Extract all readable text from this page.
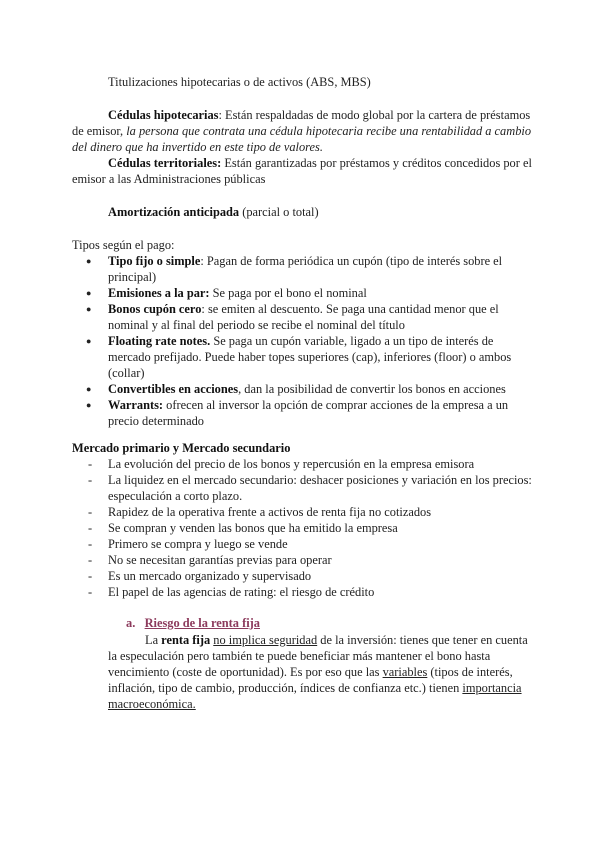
Titulizaciones hipotecarias o de activos (ABS, MBS)

Cédulas hipotecarias: Están respaldadas de modo global por la cartera de préstamos

de emisor, la persona que contrata una cédula hipotecaria recibe una rentabilidad a cambio

del dinero que ha invertido en este tipo de valores.

Cédulas territoriales: Están garantizadas por préstamos y créditos concedidos por el

emisor a las Administraciones públicas

Amortización anticipada (parcial o total)

Tipos según el pago:

● Tipo fijo o simple: Pagan de forma periódica un cupón (tipo de interés sobre el
principal)
● Emisiones a la par: Se paga por el bono el nominal
● Bonos cupón cero: se emiten al descuento. Se paga una cantidad menor que el
nominal y al final del periodo se recibe el nominal del título
● Floating rate notes. Se paga un cupón variable, ligado a un tipo de interés de
mercado prefijado. Puede haber topes superiores (cap), inferiores (floor) o ambos
(collar)
● Convertibles en acciones, dan la posibilidad de convertir los bonos en acciones
● Warrants: ofrecen al inversor la opción de comprar acciones de la empresa a un
precio determinado

Mercado primario y Mercado secundario

- La evolución del precio de los bonos y repercusión en la empresa emisora
- La liquidez en el mercado secundario: deshacer posiciones y variación en los precios:
especulación a corto plazo.
- Rapidez de la operativa frente a activos de renta fija no cotizados
- Se compran y venden las bonos que ha emitido la empresa
- Primero se compra y luego se vende
- No se necesitan garantías previas para operar
- Es un mercado organizado y supervisado
- El papel de las agencias de rating: el riesgo de crédito

a. Riesgo de la renta fija

La renta fija no implica seguridad de la inversión: tienes que tener en cuenta

la especulación pero también te puede beneficiar más mantener el bono hasta

vencimiento (coste de oportunidad). Es por eso que las variables (tipos de interés,

inflación, tipo de cambio, producción, índices de confianza etc.) tienen importancia

macroeconómica.
